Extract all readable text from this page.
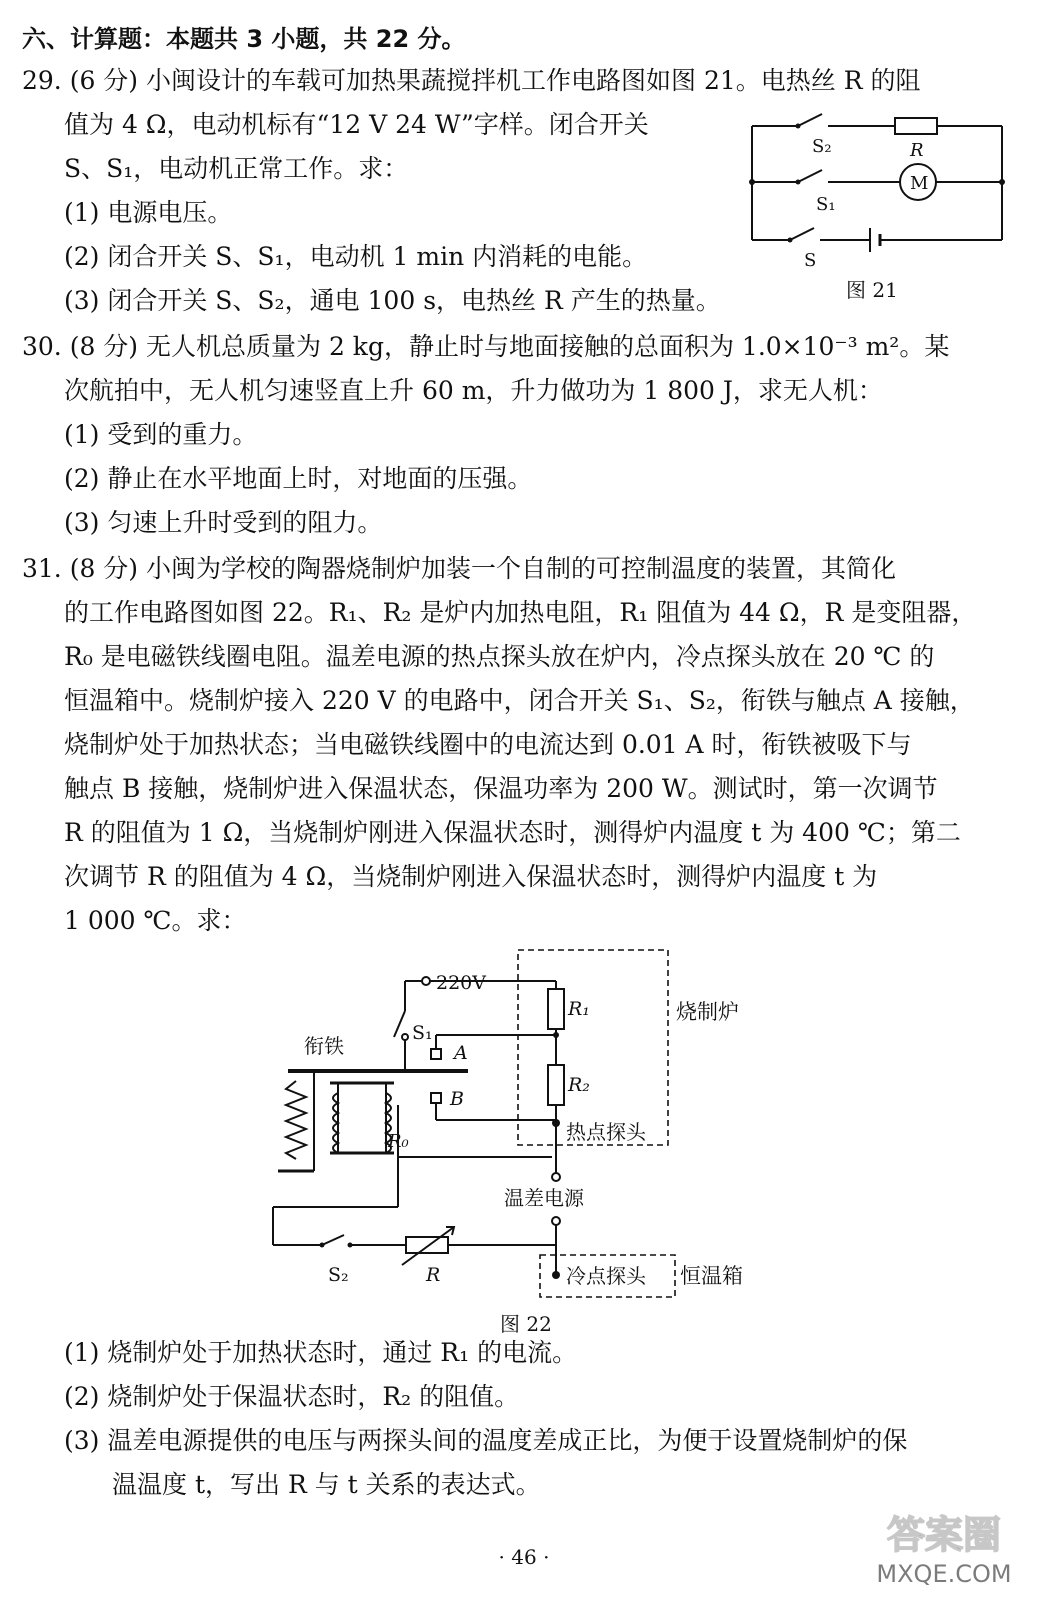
六、计算题：本题共 3 小题，共 22 分。
29. (6 分) 小闽设计的车载可加热果蔬搅拌机工作电路图如图 21。电热丝 R 的阻
值为 4 Ω，电动机标有“12 V 24 W”字样。闭合开关
S、S₁，电动机正常工作。求：
(1) 电源电压。
(2) 闭合开关 S、S₁，电动机 1 min 内消耗的电能。
(3) 闭合开关 S、S₂，通电 100 s，电热丝 R 产生的热量。
S₂	R
M
S₁
S
图 21
30. (8 分) 无人机总质量为 2 kg，静止时与地面接触的总面积为 1.0×10⁻³ m²。某
次航拍中，无人机匀速竖直上升 60 m，升力做功为 1 800 J，求无人机：
(1) 受到的重力。
(2) 静止在水平地面上时，对地面的压强。
(3) 匀速上升时受到的阻力。
31. (8 分) 小闽为学校的陶器烧制炉加装一个自制的可控制温度的装置，其简化
的工作电路图如图 22。R₁、R₂ 是炉内加热电阻，R₁ 阻值为 44 Ω，R 是变阻器，
R₀ 是电磁铁线圈电阻。温差电源的热点探头放在炉内，冷点探头放在 20 ℃ 的
恒温箱中。烧制炉接入 220 V 的电路中，闭合开关 S₁、S₂，衔铁与触点 A 接触，
烧制炉处于加热状态；当电磁铁线圈中的电流达到 0.01 A 时，衔铁被吸下与
触点 B 接触，烧制炉进入保温状态，保温功率为 200 W。测试时，第一次调节
R 的阻值为 1 Ω，当烧制炉刚进入保温状态时，测得炉内温度 t 为 400 ℃；第二
次调节 R 的阻值为 4 Ω，当烧制炉刚进入保温状态时，测得炉内温度 t 为
1 000 ℃。求：
220V
S₁
衔铁	A
B
R₁
R₂
烧制炉
热点探头
R₀
温差电源
S₂	R	冷点探头 恒温箱
图 22
(1) 烧制炉处于加热状态时，通过 R₁ 的电流。
(2) 烧制炉处于保温状态时，R₂ 的阻值。
(3) 温差电源提供的电压与两探头间的温度差成正比，为便于设置烧制炉的保
温温度 t，写出 R 与 t 关系的表达式。
· 46 ·	答案圈
MXQE.COM
